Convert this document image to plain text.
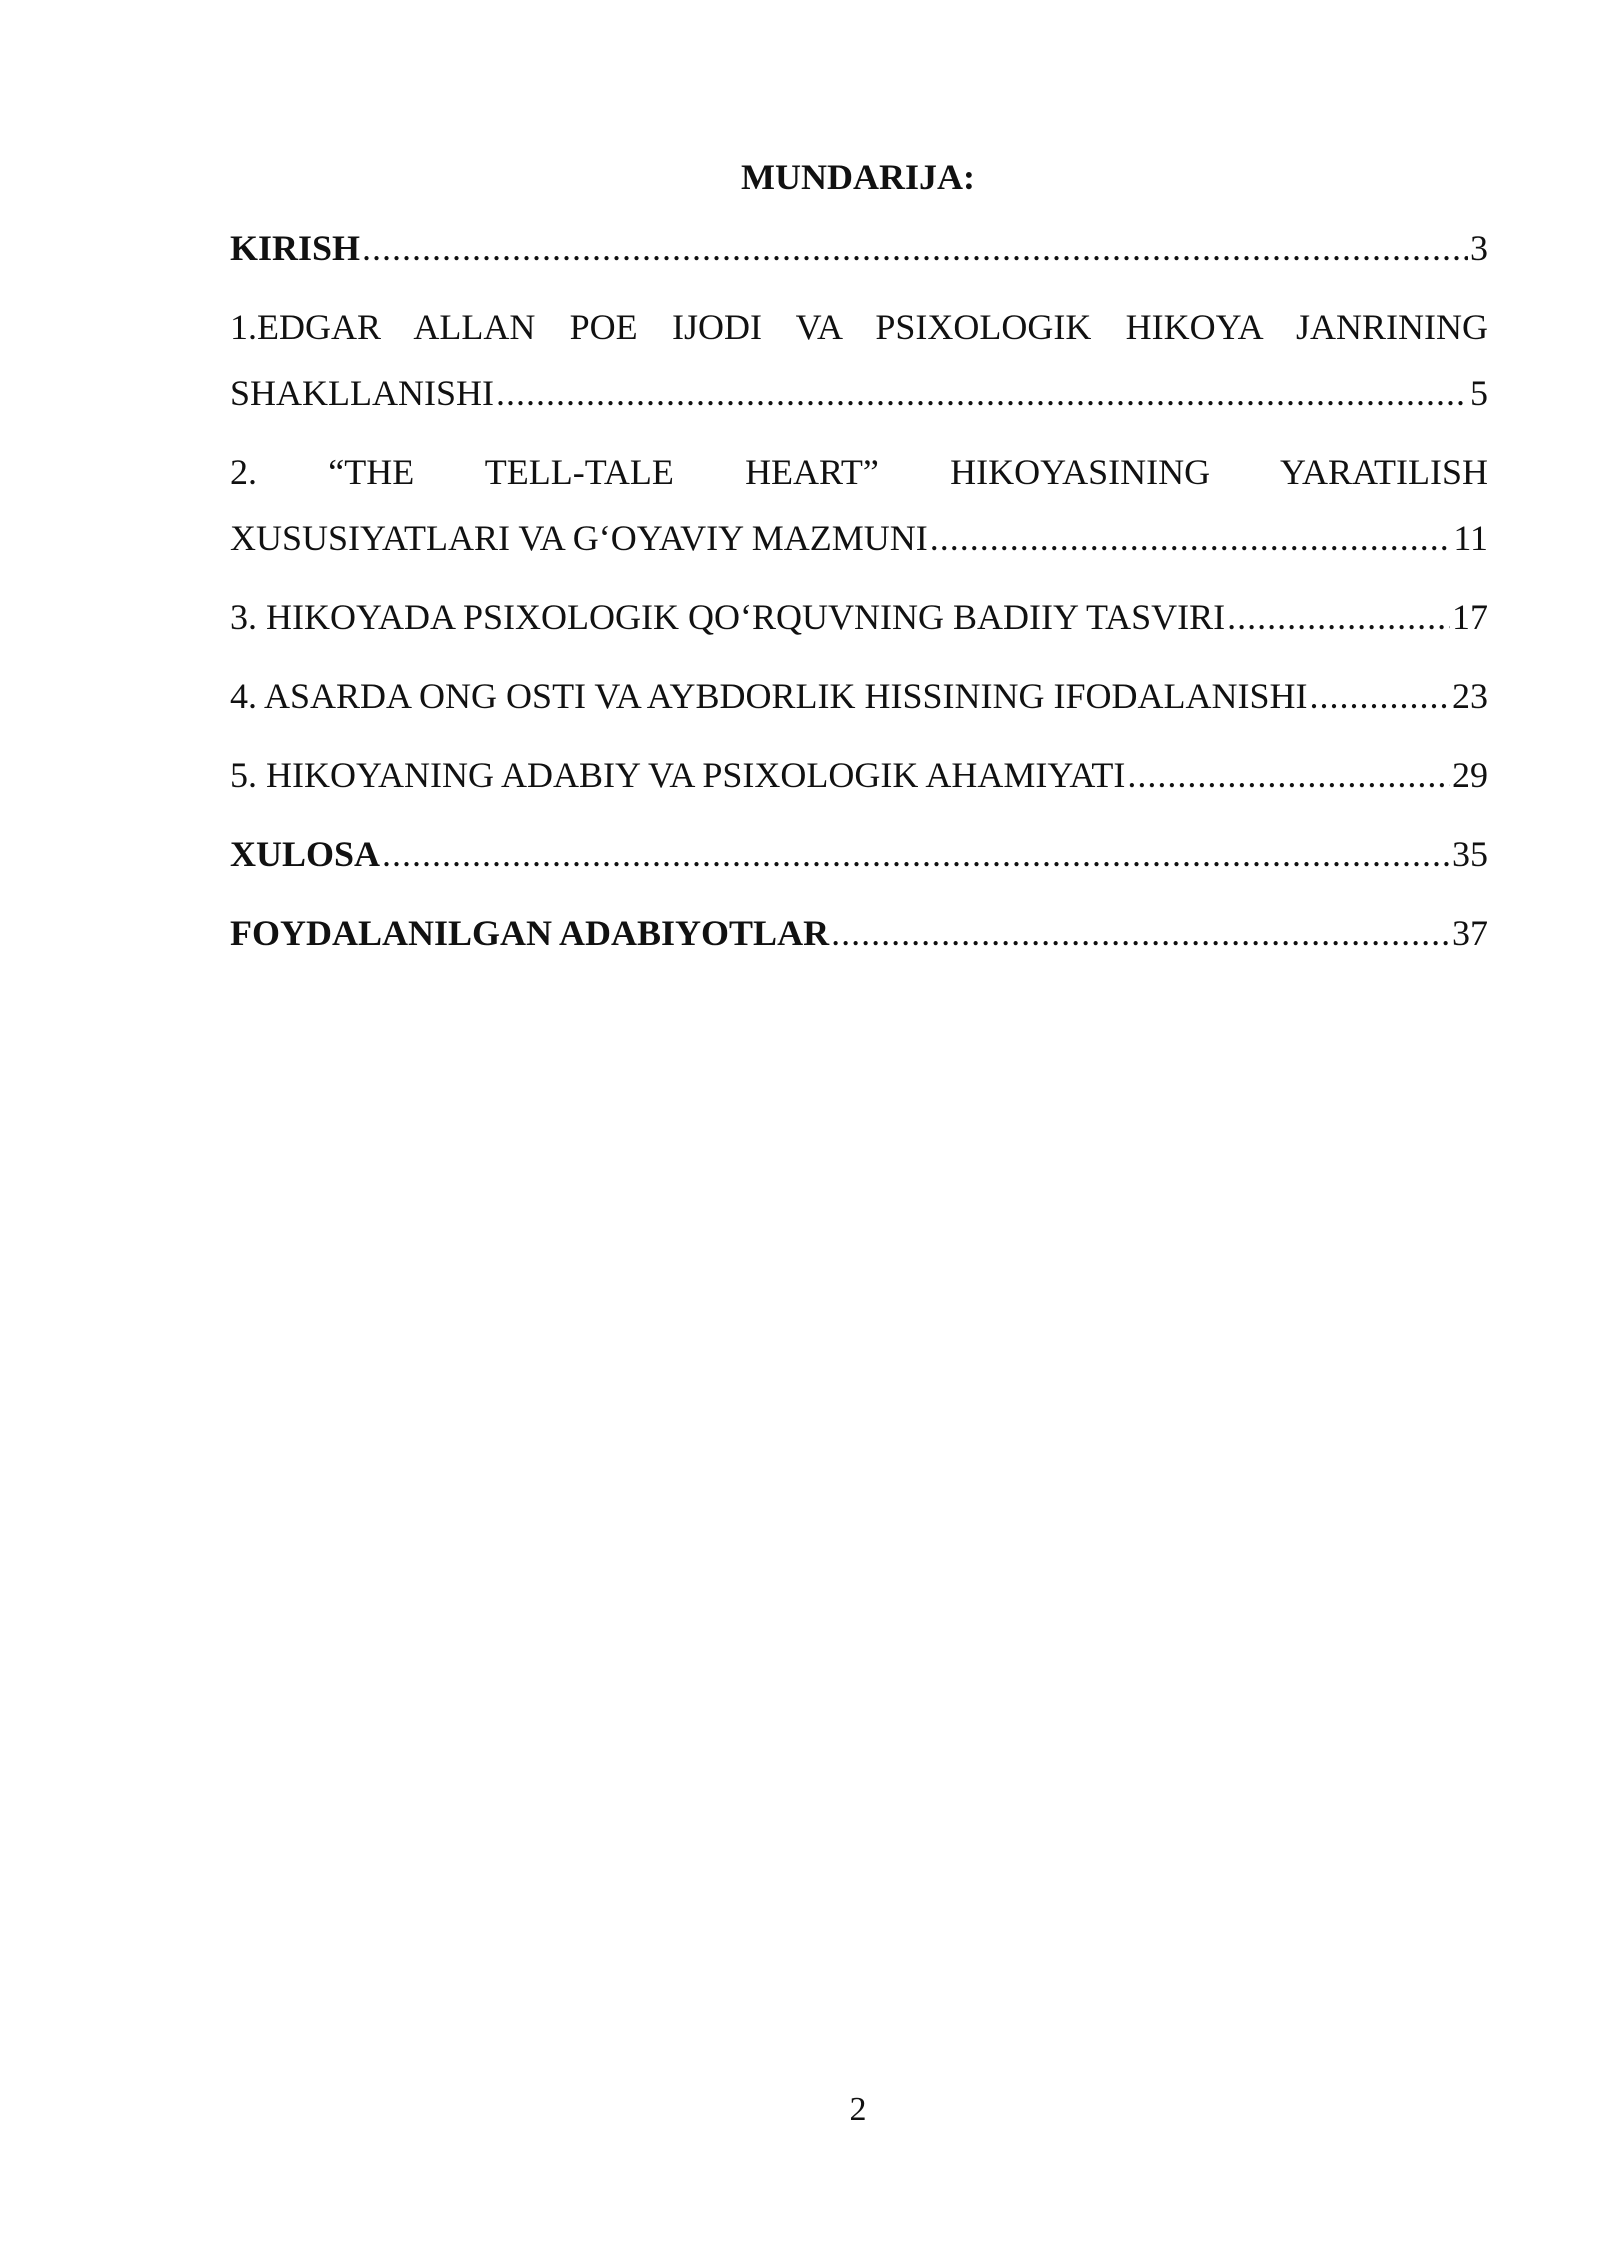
MUNDARIJA:
KIRISH .....	3
1.EDGAR ALLAN POE IJODI VA PSIXOLOGIK HIKOYA JANRINING
SHAKLLANISHI .....	5
2. “THE TELL-TALE HEART” HIKOYASINING YARATILISH
XUSUSIYATLARI VA G‘OYAVIY MAZMUNI .....	11
3. HIKOYADA PSIXOLOGIK QO‘RQUVNING BADIIY TASVIRI .....	17
4. ASARDA ONG OSTI VA AYBDORLIK HISSINING IFODALANISHI .....	23
5. HIKOYANING ADABIY VA PSIXOLOGIK AHAMIYATI .....	29
XULOSA .....	35
FOYDALANILGAN ADABIYOTLAR .....	37
2
